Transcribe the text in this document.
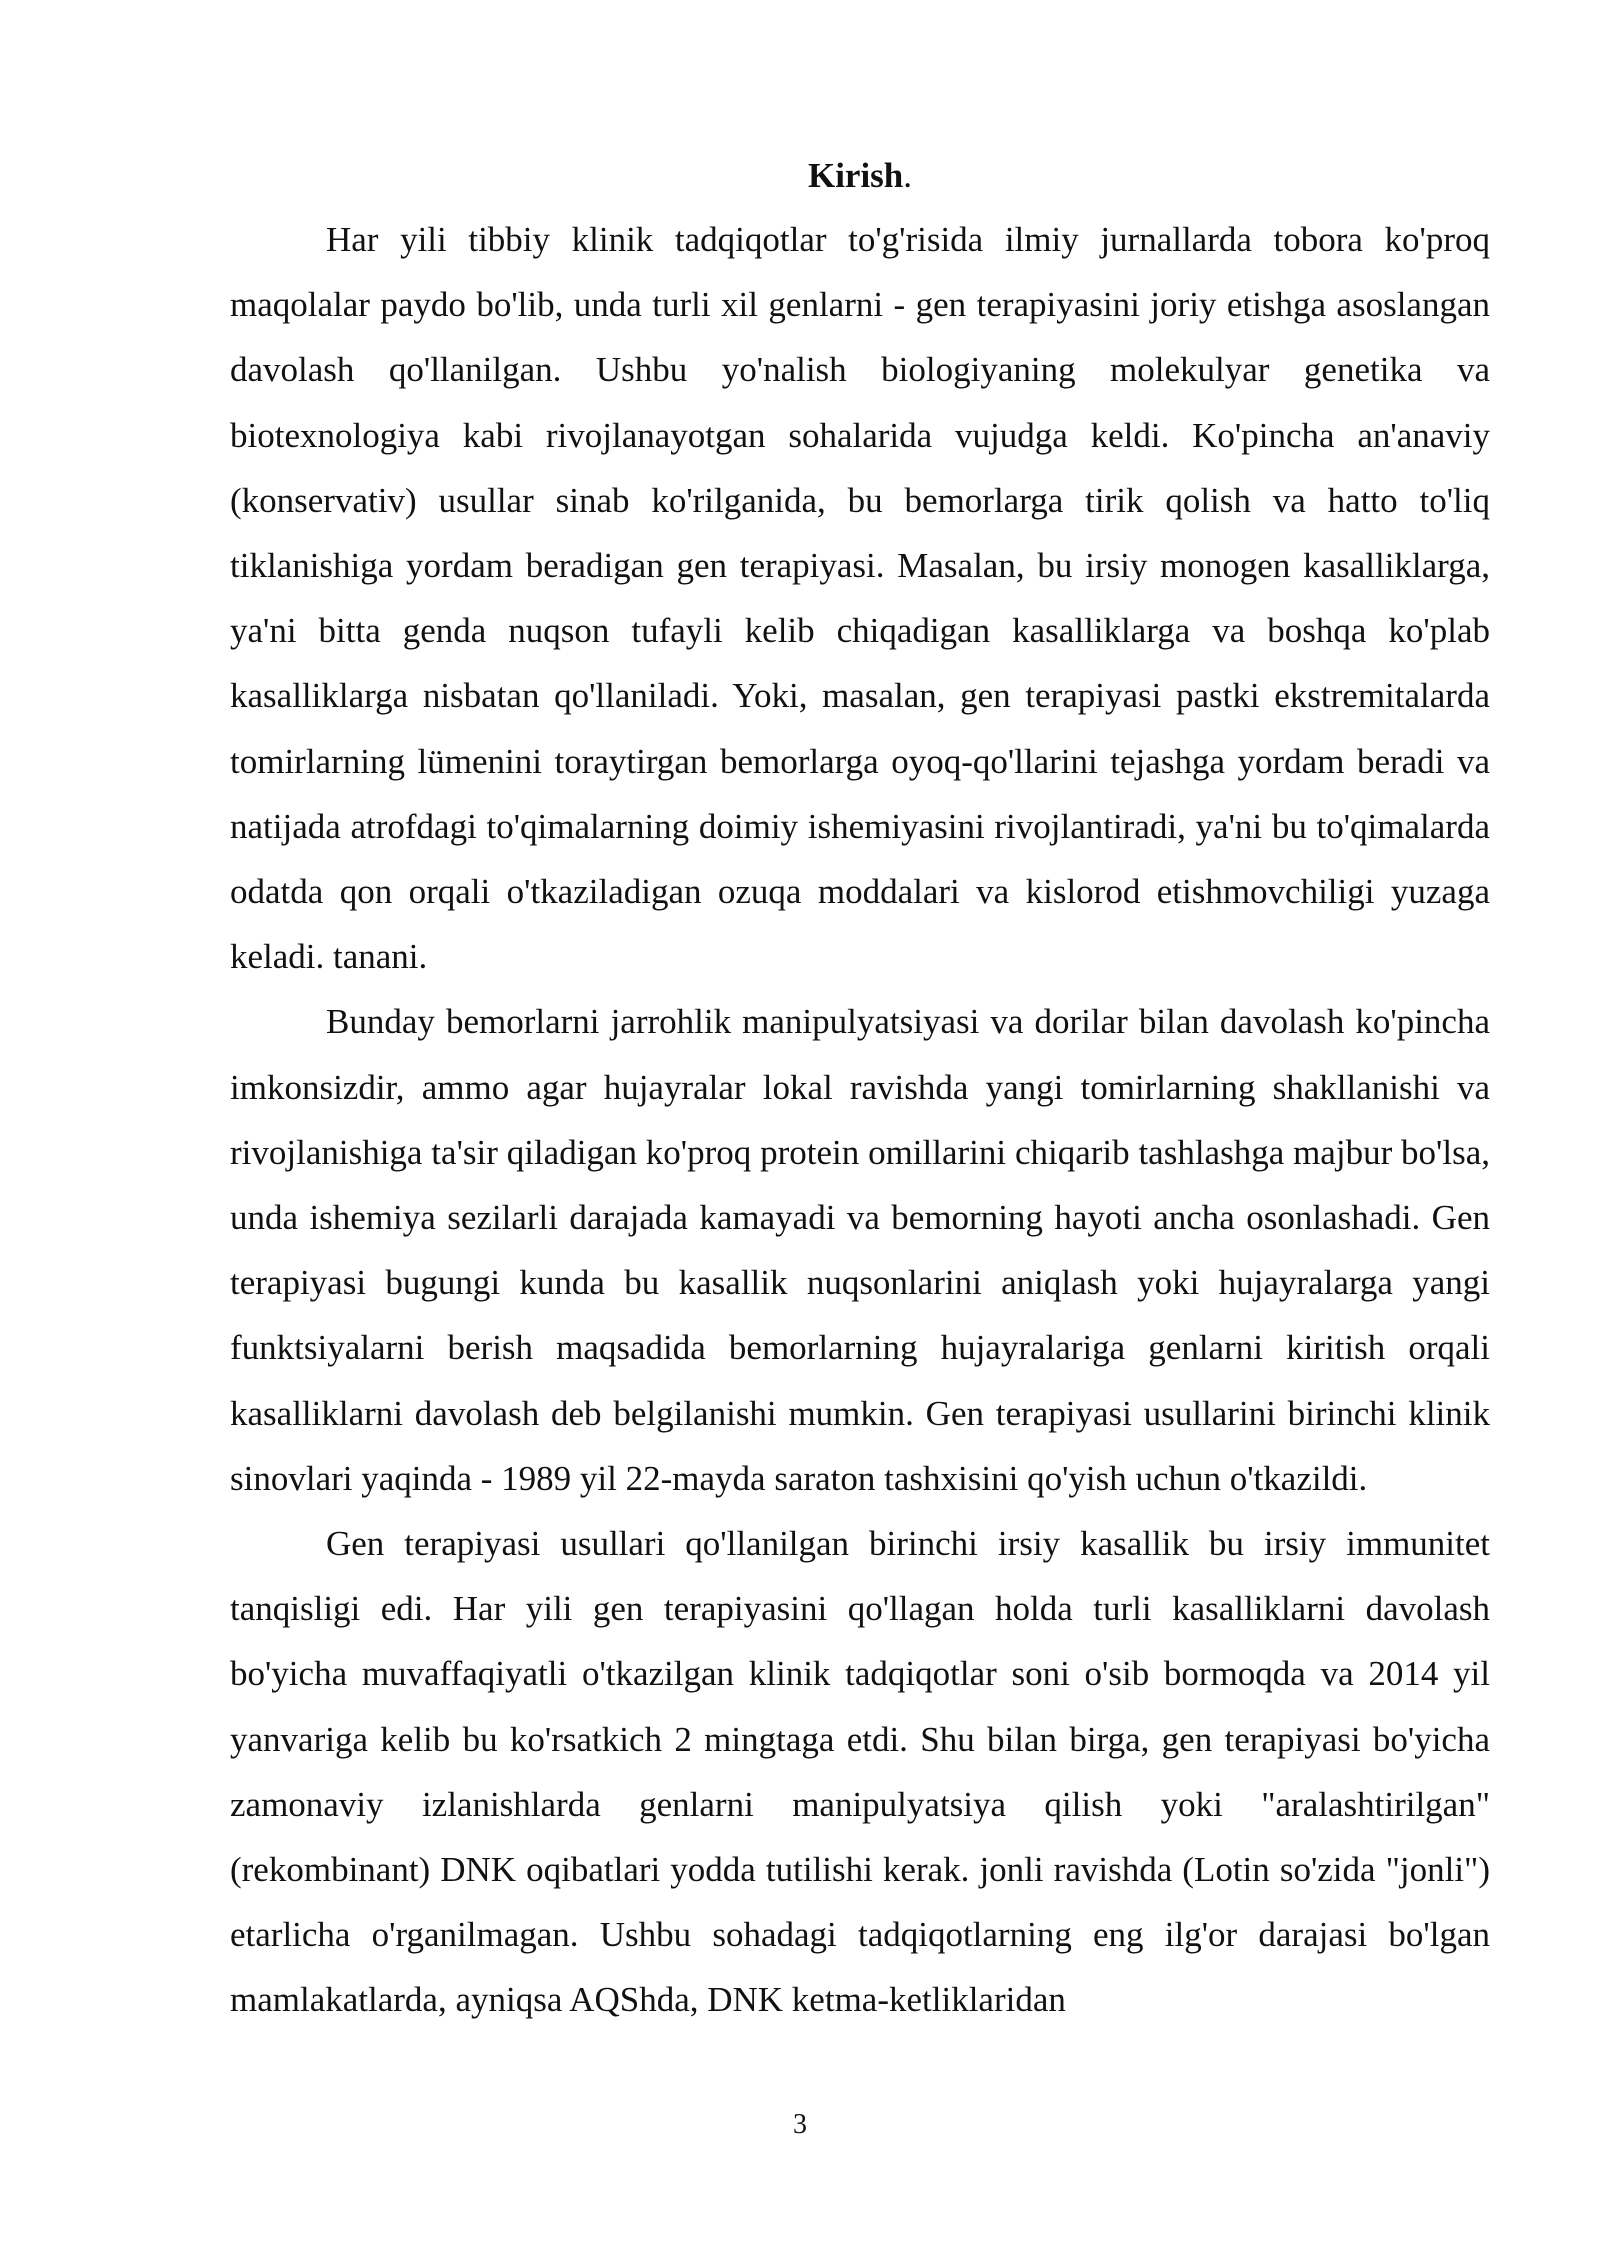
Kirish.

Har yili tibbiy klinik tadqiqotlar to'g'risida ilmiy jurnallarda tobora ko'proq maqolalar paydo bo'lib, unda turli xil genlarni - gen terapiyasini joriy etishga asoslangan davolash qo'llanilgan. Ushbu yo'nalish biologiyaning molekulyar genetika va biotexnologiya kabi rivojlanayotgan sohalarida vujudga keldi. Ko'pincha an'anaviy (konservativ) usullar sinab ko'rilganida, bu bemorlarga tirik qolish va hatto to'liq tiklanishiga yordam beradigan gen terapiyasi. Masalan, bu irsiy monogen kasalliklarga, ya'ni bitta genda nuqson tufayli kelib chiqadigan kasalliklarga va boshqa ko'plab kasalliklarga nisbatan qo'llaniladi. Yoki, masalan, gen terapiyasi pastki ekstremitalarda tomirlarning lümenini toraytirgan bemorlarga oyoq-qo'llarini tejashga yordam beradi va natijada atrofdagi to'qimalarning doimiy ishemiyasini rivojlantiradi, ya'ni bu to'qimalarda odatda qon orqali o'tkaziladigan ozuqa moddalari va kislorod etishmovchiligi yuzaga keladi. tanani.

Bunday bemorlarni jarrohlik manipulyatsiyasi va dorilar bilan davolash ko'pincha imkonsizdir, ammo agar hujayralar lokal ravishda yangi tomirlarning shakllanishi va rivojlanishiga ta'sir qiladigan ko'proq protein omillarini chiqarib tashlashga majbur bo'lsa, unda ishemiya sezilarli darajada kamayadi va bemorning hayoti ancha osonlashadi. Gen terapiyasi bugungi kunda bu kasallik nuqsonlarini aniqlash yoki hujayralarga yangi funktsiyalarni berish maqsadida bemorlarning hujayralariga genlarni kiritish orqali kasalliklarni davolash deb belgilanishi mumkin. Gen terapiyasi usullarini birinchi klinik sinovlari yaqinda - 1989 yil 22-mayda saraton tashxisini qo'yish uchun o'tkazildi.

Gen terapiyasi usullari qo'llanilgan birinchi irsiy kasallik bu irsiy immunitet tanqisligi edi. Har yili gen terapiyasini qo'llagan holda turli kasalliklarni davolash bo'yicha muvaffaqiyatli o'tkazilgan klinik tadqiqotlar soni o'sib bormoqda va 2014 yil yanvariga kelib bu ko'rsatkich 2 mingtaga etdi. Shu bilan birga, gen terapiyasi bo'yicha zamonaviy izlanishlarda genlarni manipulyatsiya qilish yoki "aralashtirilgan" (rekombinant) DNK oqibatlari yodda tutilishi kerak. jonli ravishda (Lotin so'zida "jonli") etarlicha o'rganilmagan. Ushbu sohadagi tadqiqotlarning eng ilg'or darajasi bo'lgan mamlakatlarda, ayniqsa AQShda, DNK ketma-ketliklaridan

3
